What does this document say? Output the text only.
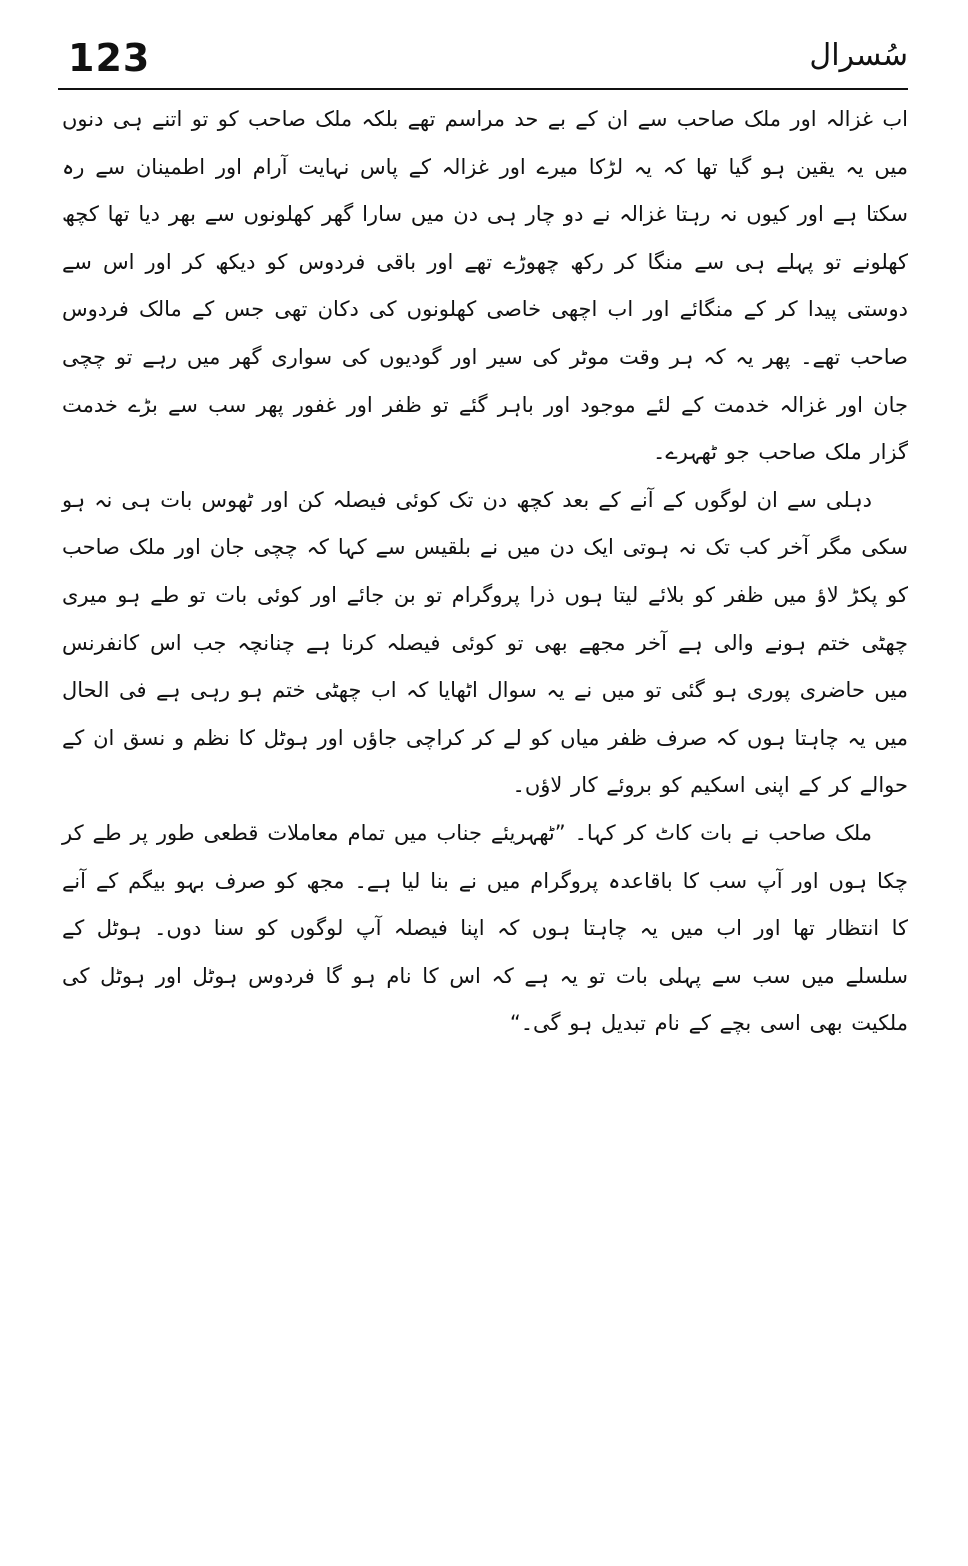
123	سُسرال

اب غزالہ اور ملک صاحب سے ان کے بے حد مراسم تھے بلکہ ملک صاحب کو تو اتنے ہی دنوں میں یہ یقین ہو گیا تھا کہ یہ لڑکا میرے اور غزالہ کے پاس نہایت آرام اور اطمینان سے رہ سکتا ہے اور کیوں نہ رہتا غزالہ نے دو چار ہی دن میں سارا گھر کھلونوں سے بھر دیا تھا کچھ کھلونے تو پہلے ہی سے منگا کر رکھ چھوڑے تھے اور باقی فردوس کو دیکھ کر اور اس سے دوستی پیدا کر کے منگائے اور اب اچھی خاصی کھلونوں کی دکان تھی جس کے مالک فردوس صاحب تھے۔ پھر یہ کہ ہر وقت موٹر کی سیر اور گودیوں کی سواری گھر میں رہے تو چچی جان اور غزالہ خدمت کے لئے موجود اور باہر گئے تو ظفر اور غفور پھر سب سے بڑے خدمت گزار ملک صاحب جو ٹھہرے۔

دہلی سے ان لوگوں کے آنے کے بعد کچھ دن تک کوئی فیصلہ کن اور ٹھوس بات ہی نہ ہو سکی مگر آخر کب تک نہ ہوتی ایک دن میں نے بلقیس سے کہا کہ چچی جان اور ملک صاحب کو پکڑ لاؤ میں ظفر کو بلائے لیتا ہوں ذرا پروگرام تو بن جائے اور کوئی بات تو طے ہو میری چھٹی ختم ہونے والی ہے آخر مجھے بھی تو کوئی فیصلہ کرنا ہے چنانچہ جب اس کانفرنس میں حاضری پوری ہو گئی تو میں نے یہ سوال اٹھایا کہ اب چھٹی ختم ہو رہی ہے فی الحال میں یہ چاہتا ہوں کہ صرف ظفر میاں کو لے کر کراچی جاؤں اور ہوٹل کا نظم و نسق ان کے حوالے کر کے اپنی اسکیم کو بروئے کار لاؤں۔

ملک صاحب نے بات کاٹ کر کہا۔ ”ٹھہریئے جناب میں تمام معاملات قطعی طور پر طے کر چکا ہوں اور آپ سب کا باقاعدہ پروگرام میں نے بنا لیا ہے۔ مجھ کو صرف بہو بیگم کے آنے کا انتظار تھا اور اب میں یہ چاہتا ہوں کہ اپنا فیصلہ آپ لوگوں کو سنا دوں۔ ہوٹل کے سلسلے میں سب سے پہلی بات تو یہ ہے کہ اس کا نام ہو گا فردوس ہوٹل اور ہوٹل کی ملکیت بھی اسی بچے کے نام تبدیل ہو گی۔“
